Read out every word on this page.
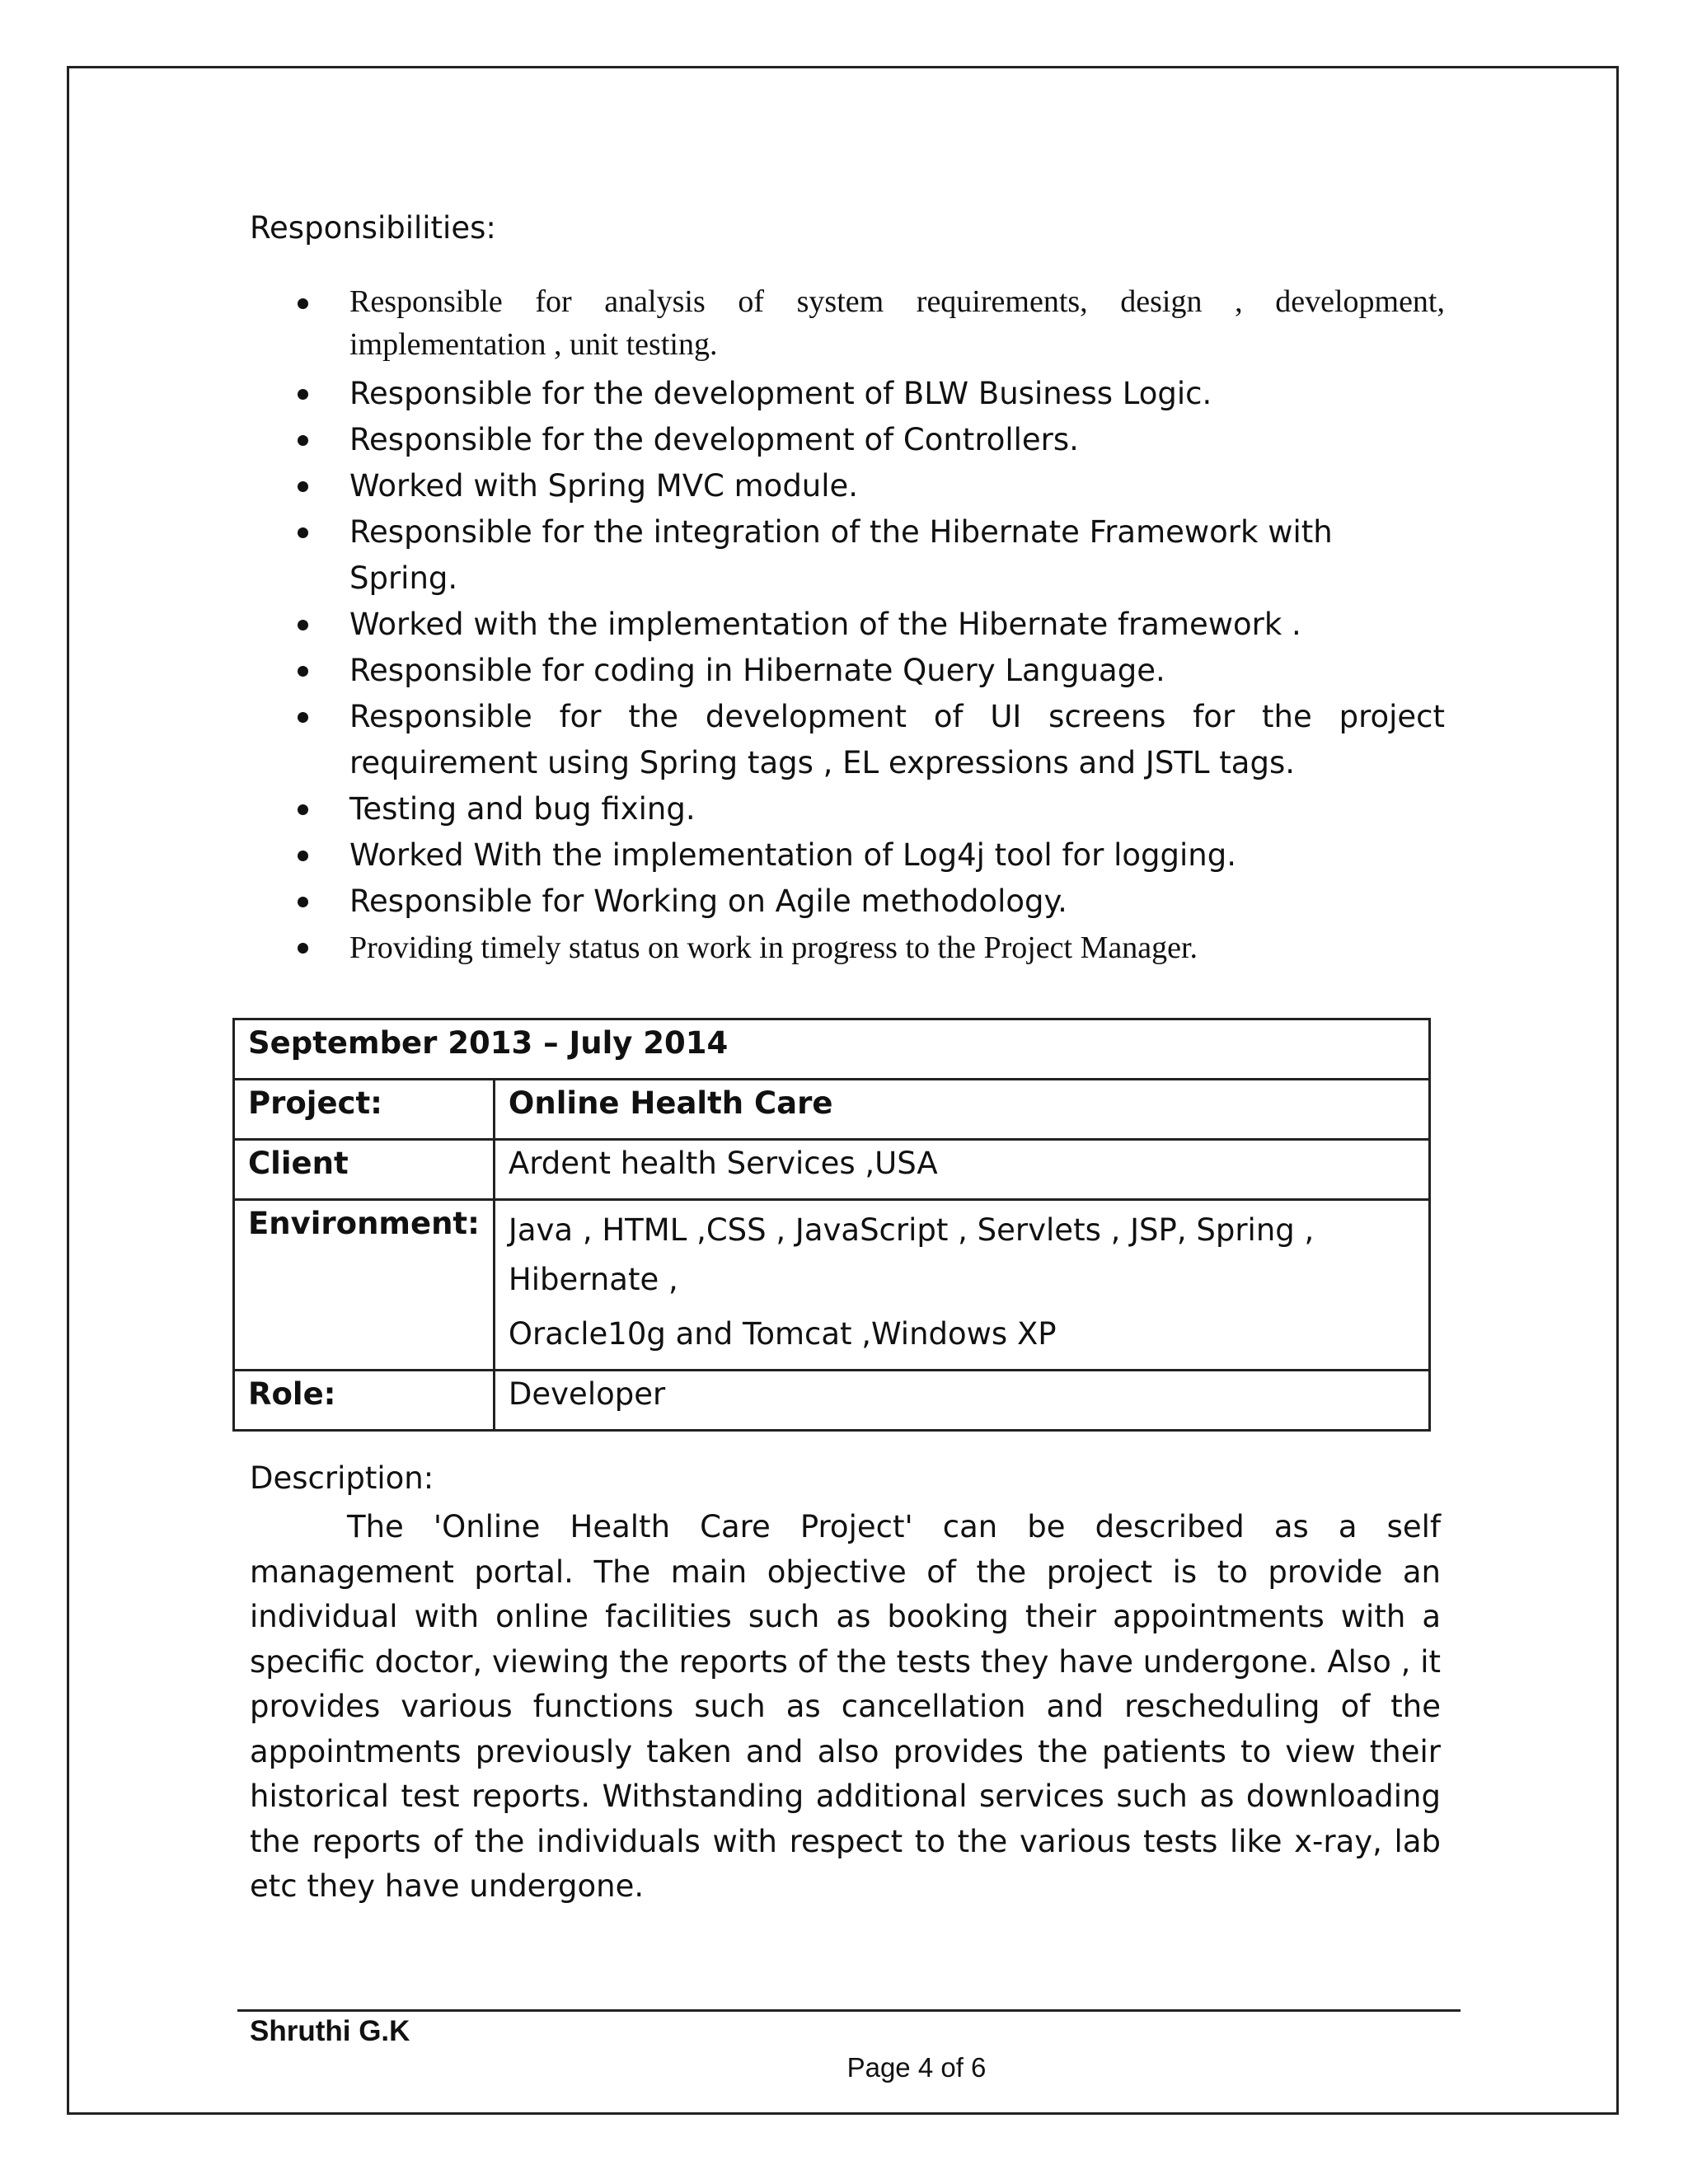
Responsibilities:
Responsible for analysis of system requirements, design , development, implementation , unit testing.
Responsible for the development of BLW Business Logic.
Responsible for the development of Controllers.
Worked with Spring MVC module.
Responsible for the integration of the Hibernate Framework with Spring.
Worked with the implementation of the Hibernate framework .
Responsible for coding in Hibernate Query Language.
Responsible for the development of UI screens for the project requirement using Spring tags , EL expressions and JSTL tags.
Testing and bug fixing.
Worked With the implementation of Log4j tool for logging.
Responsible for Working on Agile methodology.
Providing timely status on work in progress to the Project Manager.
September 2013 – July 2014	
Project:	Online Health Care
Client	Ardent health Services ,USA
Environment:	Java , HTML ,CSS , JavaScript , Servlets , JSP, Spring , Hibernate ,
Oracle10g and Tomcat ,Windows XP

Role:	Developer
Description:

The 'Online Health Care Project' can be described as a self management portal. The main objective of the project is to provide an individual with online facilities such as booking their appointments with a specific doctor, viewing the reports of the tests they have undergone. Also , it provides various functions such as cancellation and rescheduling of the appointments previously taken and also provides the patients to view their historical test reports. Withstanding additional services such as downloading the reports of the individuals with respect to the various tests like x-ray, lab etc they have undergone.

Shruthi G.K
Page 4 of 6
